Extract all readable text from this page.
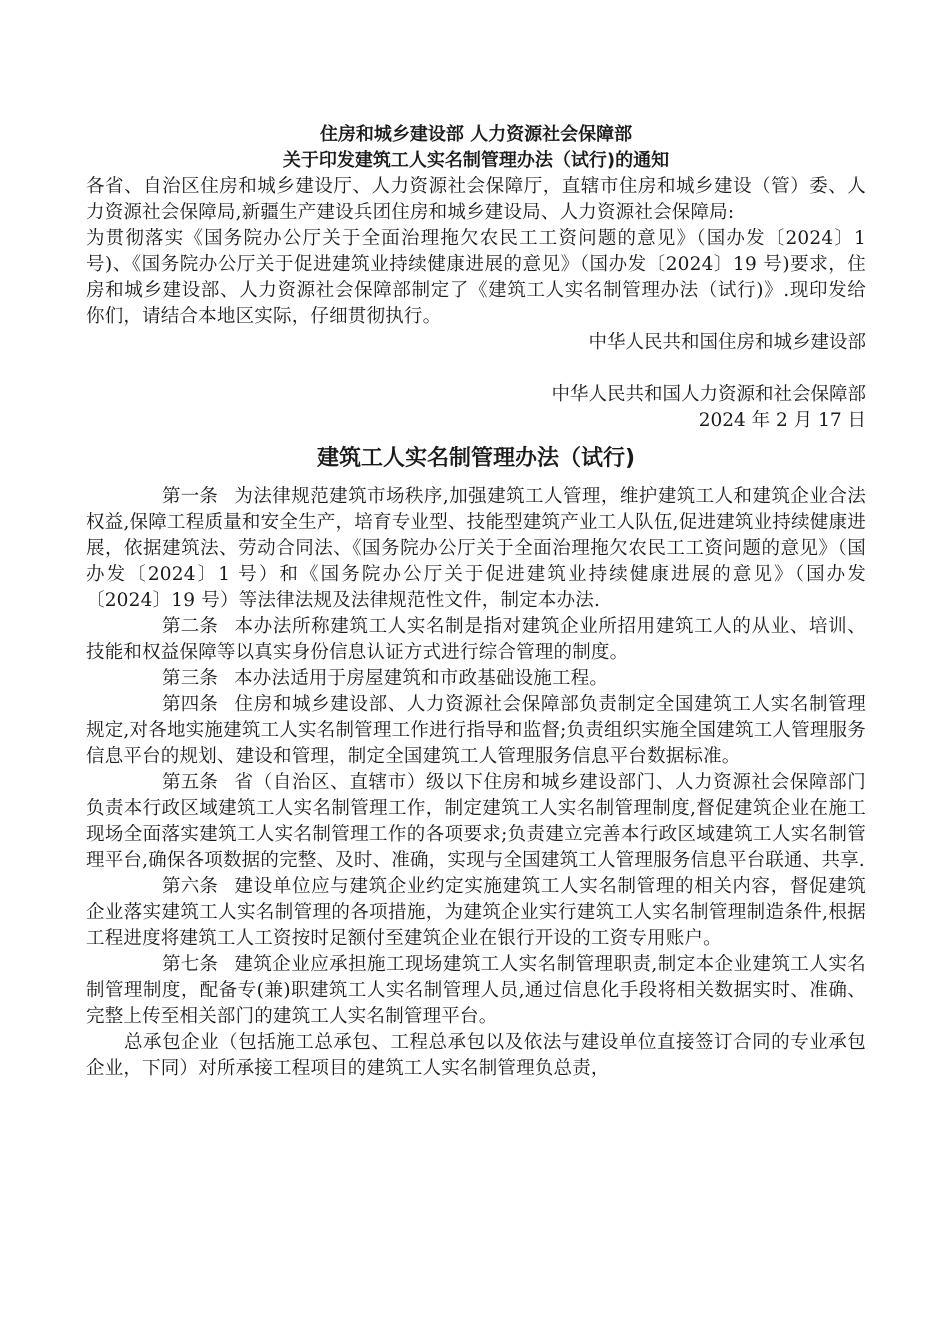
住房和城乡建设部 人力资源社会保障部
关于印发建筑工人实名制管理办法（试行)的通知

各省、自治区住房和城乡建设厅、人力资源社会保障厅，直辖市住房和城乡建设（管）委、人力资源社会保障局,新疆生产建设兵团住房和城乡建设局、人力资源社会保障局:

为贯彻落实《国务院办公厅关于全面治理拖欠农民工工资问题的意见》（国办发〔2024〕1 号)、《国务院办公厅关于促进建筑业持续健康进展的意见》（国办发〔2024〕19 号)要求，住房和城乡建设部、人力资源社会保障部制定了《建筑工人实名制管理办法（试行)》.现印发给你们，请结合本地区实际，仔细贯彻执行。

中华人民共和国住房和城乡建设部

中华人民共和国人力资源和社会保障部

2024 年 2 月 17 日

建筑工人实名制管理办法（试行)

第一条 为法律规范建筑市场秩序,加强建筑工人管理，维护建筑工人和建筑企业合法权益,保障工程质量和安全生产，培育专业型、技能型建筑产业工人队伍,促进建筑业持续健康进展，依据建筑法、劳动合同法、《国务院办公厅关于全面治理拖欠农民工工资问题的意见》（国办发〔2024〕1 号）和《国务院办公厅关于促进建筑业持续健康进展的意见》（国办发〔2024〕19 号）等法律法规及法律规范性文件，制定本办法.

第二条 本办法所称建筑工人实名制是指对建筑企业所招用建筑工人的从业、培训、技能和权益保障等以真实身份信息认证方式进行综合管理的制度。

第三条 本办法适用于房屋建筑和市政基础设施工程。

第四条 住房和城乡建设部、人力资源社会保障部负责制定全国建筑工人实名制管理规定,对各地实施建筑工人实名制管理工作进行指导和监督;负责组织实施全国建筑工人管理服务信息平台的规划、建设和管理，制定全国建筑工人管理服务信息平台数据标准。

第五条 省（自治区、直辖市）级以下住房和城乡建设部门、人力资源社会保障部门负责本行政区域建筑工人实名制管理工作，制定建筑工人实名制管理制度,督促建筑企业在施工现场全面落实建筑工人实名制管理工作的各项要求;负责建立完善本行政区域建筑工人实名制管理平台,确保各项数据的完整、及时、准确，实现与全国建筑工人管理服务信息平台联通、共享.

第六条 建设单位应与建筑企业约定实施建筑工人实名制管理的相关内容，督促建筑企业落实建筑工人实名制管理的各项措施，为建筑企业实行建筑工人实名制管理制造条件,根据工程进度将建筑工人工资按时足额付至建筑企业在银行开设的工资专用账户。

第七条 建筑企业应承担施工现场建筑工人实名制管理职责,制定本企业建筑工人实名制管理制度，配备专(兼)职建筑工人实名制管理人员,通过信息化手段将相关数据实时、准确、完整上传至相关部门的建筑工人实名制管理平台。

总承包企业（包括施工总承包、工程总承包以及依法与建设单位直接签订合同的专业承包企业，下同）对所承接工程项目的建筑工人实名制管理负总责，
